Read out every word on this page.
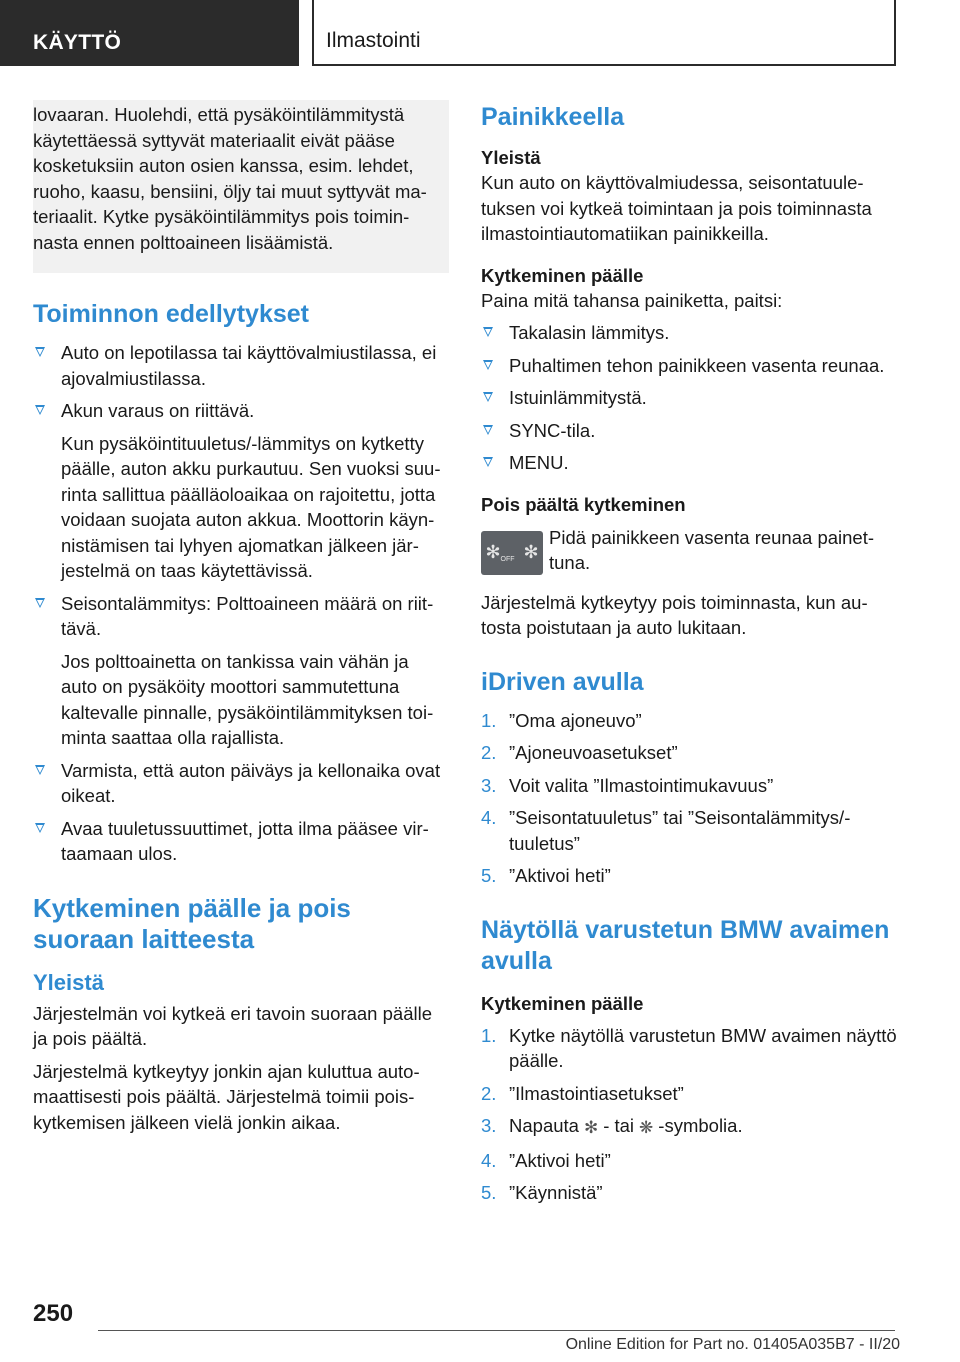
KÄYTTÖ	Ilmastointi

lovaaran. Huolehdi, että pysäköintilämmitystä käytettäessä syttyvät materiaalit eivät pääse kosketuksiin auton osien kanssa, esim. lehdet, ruoho, kaasu, bensiini, öljy tai muut syttyvät materiaalit. Kytke pysäköintilämmitys pois toiminnasta ennen polttoaineen lisäämistä.

Toiminnon edellytykset
Auto on lepotilassa tai käyttövalmiustilassa, ei ajovalmiustilassa.
Akun varaus on riittävä.
Kun pysäköintituuletus/-lämmitys on kytketty päälle, auton akku purkautuu. Sen vuoksi suurinta sallittua päälläoloaikaa on rajoitettu, jotta voidaan suojata auton akkua. Moottorin käynnistämisen tai lyhyen ajomatkan jälkeen järjestelmä on taas käytettävissä.
Seisontalämmitys: Polttoaineen määrä on riittävä.
Jos polttoainetta on tankissa vain vähän ja auto on pysäköity moottori sammutettuna kaltevalle pinnalle, pysäköintilämmityksen toiminta saattaa olla rajallista.
Varmista, että auton päiväys ja kellonaika ovat oikeat.
Avaa tuuletussuuttimet, jotta ilma pääsee virtaamaan ulos.
Kytkeminen päälle ja pois suoraan laitteesta
Yleistä

Järjestelmän voi kytkeä eri tavoin suoraan päälle ja pois päältä.

Järjestelmä kytkeytyy jonkin ajan kuluttua automaattisesti pois päältä. Järjestelmä toimii poiskytkemisen jälkeen vielä jonkin aikaa.

Painikkeella
Yleistä

Kun auto on käyttövalmiudessa, seisontatuuletuksen voi kytkeä toimintaan ja pois toiminnasta ilmastointiautomatiikan painikkeilla.

Kytkeminen päälle

Paina mitä tahansa painiketta, paitsi:

Takalasin lämmitys.
Puhaltimen tehon painikkeen vasenta reunaa.
Istuinlämmitystä.
SYNC-tila.
MENU.
Pois päältä kytkeminen
✻OFF ✻

Pidä painikkeen vasenta reunaa painettuna.

Järjestelmä kytkeytyy pois toiminnasta, kun autosta poistutaan ja auto lukitaan.

iDriven avulla
1. ”Oma ajoneuvo”
2. ”Ajoneuvoasetukset”
3. Voit valita ”Ilmastointimukavuus”
4. ”Seisontatuuletus” tai ”Seisontalämmitys/tuuletus”
5. ”Aktivoi heti”
Näytöllä varustetun BMW avaimen avulla
Kytkeminen päälle
1. Kytke näytöllä varustetun BMW avaimen näyttö päälle.
2. ”Ilmastointiasetukset”
3. Napauta ✻ - tai ❋ -symbolia.
4. ”Aktivoi heti”
5. ”Käynnistä”
250
Online Edition for Part no. 01405A035B7 - II/20
